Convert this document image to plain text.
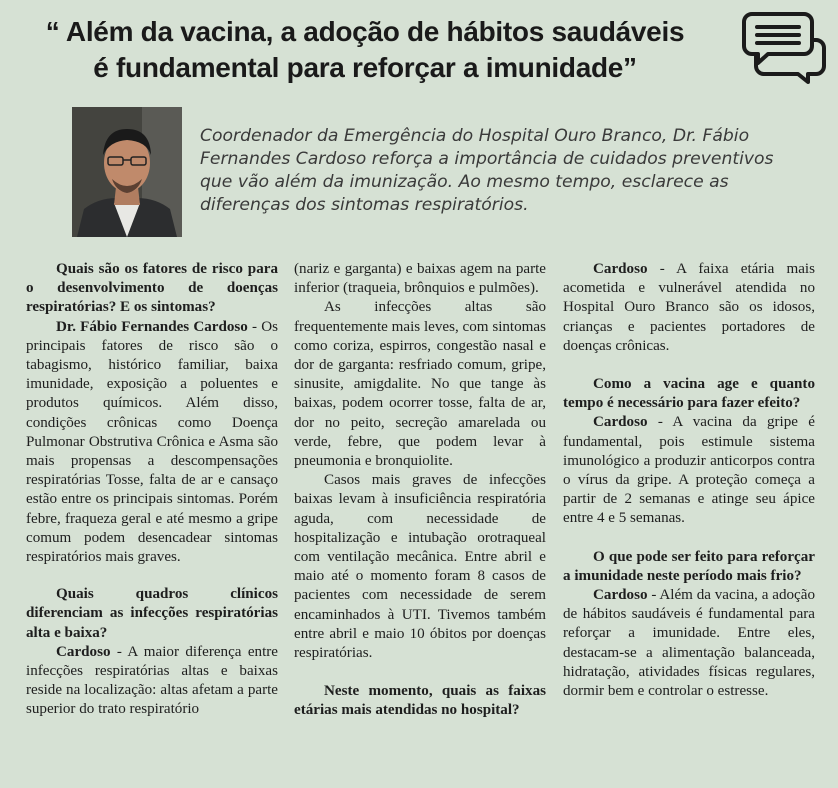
“ Além da vacina, a adoção de hábitos saudáveis
é fundamental para reforçar a imunidade”
Coordenador da Emergência do Hospital Ouro Branco, Dr. Fábio Fernandes Cardoso reforça a importância de cuidados preventivos que vão além da imunização. Ao mesmo tempo, esclarece as diferenças dos sintomas respiratórios.

Quais são os fatores de risco para o desenvolvimento de doenças respiratórias? E os sintomas?

Dr. Fábio Fernandes Cardoso - Os principais fatores de risco são o tabagismo, histórico familiar, baixa imunidade, exposição a poluentes e produtos químicos. Além disso, condições crônicas como Doença Pulmonar Obstrutiva Crônica e Asma são mais propensas a descompensações respiratórias Tosse, falta de ar e cansaço estão entre os principais sintomas. Porém febre, fraqueza geral e até mesmo a gripe comum podem desencadear sintomas respiratórios mais graves.

Quais quadros clínicos diferenciam as infecções respiratórias alta e baixa?

Cardoso - A maior diferença entre infecções respiratórias altas e baixas reside na localização: altas afetam a parte superior do trato respiratório

(nariz e garganta) e baixas agem na parte inferior (traqueia, brônquios e pulmões).

As infecções altas são frequentemente mais leves, com sintomas como coriza, espirros, congestão nasal e dor de garganta: resfriado comum, gripe, sinusite, amigdalite. No que tange às baixas, podem ocorrer tosse, falta de ar, dor no peito, secreção amarelada ou verde, febre, que podem levar à pneumonia e bronquiolite.

Casos mais graves de infecções baixas levam à insuficiência respiratória aguda, com necessidade de hospitalização e intubação orotraqueal com ventilação mecânica. Entre abril e maio até o momento foram 8 casos de pacientes com necessidade de serem encaminhados à UTI. Tivemos também entre abril e maio 10 óbitos por doenças respiratórias.

Neste momento, quais as faixas etárias mais atendidas no hospital?

Cardoso - A faixa etária mais acometida e vulnerável atendida no Hospital Ouro Branco são os idosos, crianças e pacientes portadores de doenças crônicas.

Como a vacina age e quanto tempo é necessário para fazer efeito?

Cardoso - A vacina da gripe é fundamental, pois estimule sistema imunológico a produzir anticorpos contra o vírus da gripe. A proteção começa a partir de 2 semanas e atinge seu ápice entre 4 e 5 semanas.

O que pode ser feito para reforçar a imunidade neste período mais frio?

Cardoso - Além da vacina, a adoção de hábitos saudáveis é fundamental para reforçar a imunidade. Entre eles, destacam-se a alimentação balanceada, hidratação, atividades físicas regulares, dormir bem e controlar o estresse.
